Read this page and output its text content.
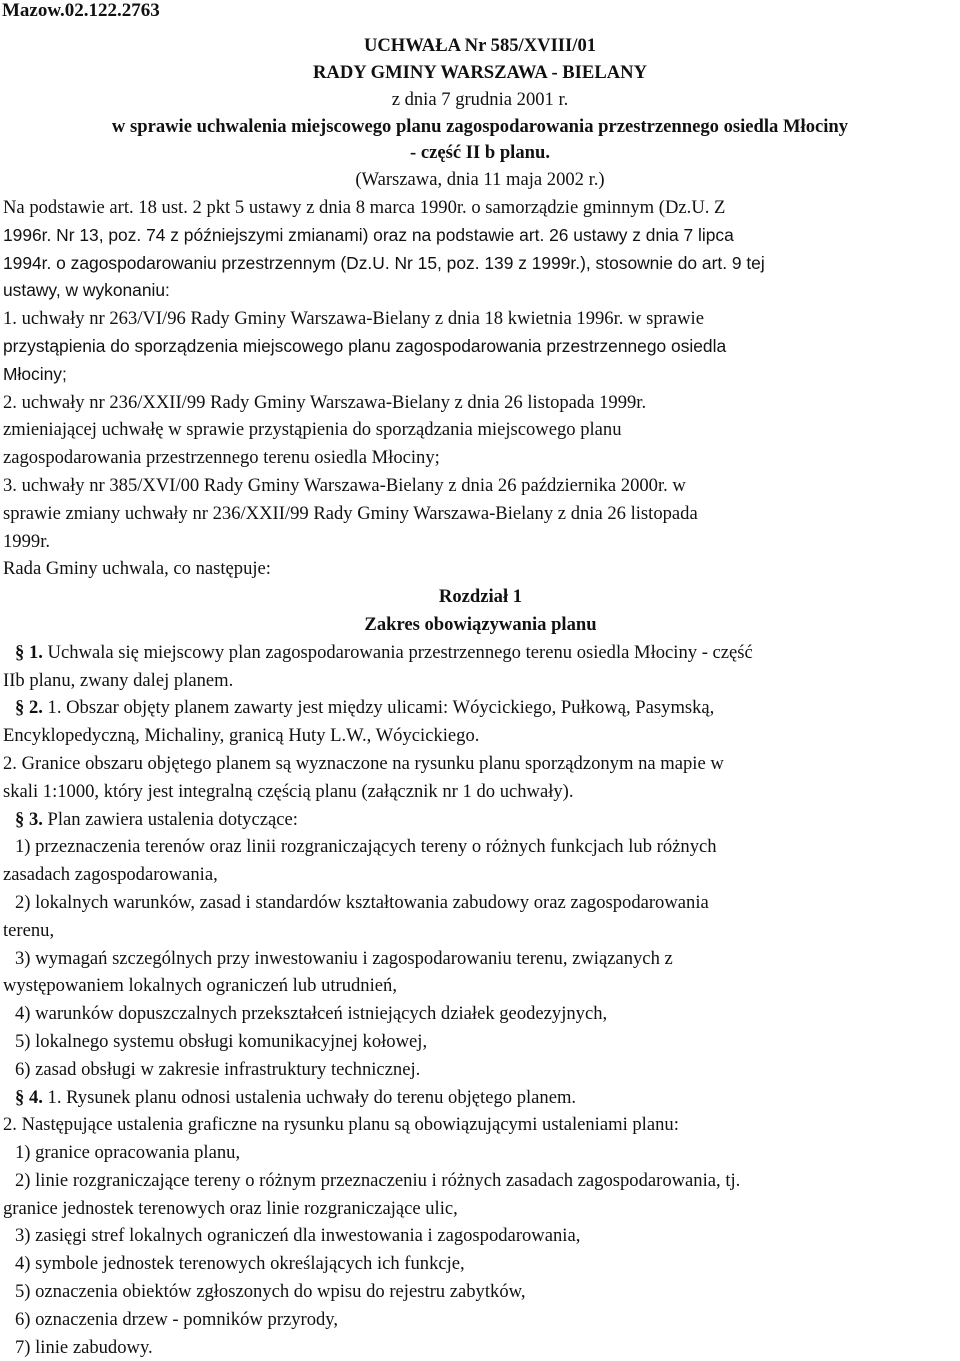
Mazow.02.122.2763
UCHWAŁA Nr 585/XVIII/01
RADY GMINY WARSZAWA - BIELANY
z dnia 7 grudnia 2001 r.
w sprawie uchwalenia miejscowego planu zagospodarowania przestrzennego osiedla Młociny
- część II b planu.
(Warszawa, dnia 11 maja 2002 r.)

Na podstawie art. 18 ust. 2 pkt 5 ustawy z dnia 8 marca 1990r. o samorządzie gminnym (Dz.U. Z

1996r. Nr 13, poz. 74 z późniejszymi zmianami) oraz na podstawie art. 26 ustawy z dnia 7 lipca

1994r. o zagospodarowaniu przestrzennym (Dz.U. Nr 15, poz. 139 z 1999r.), stosownie do art. 9 tej

ustawy, w wykonaniu:

1. uchwały nr 263/VI/96 Rady Gminy Warszawa-Bielany z dnia 18 kwietnia 1996r. w sprawie

przystąpienia do sporządzenia miejscowego planu zagospodarowania przestrzennego osiedla

Młociny;

2. uchwały nr 236/XXII/99 Rady Gminy Warszawa-Bielany z dnia 26 listopada 1999r.

zmieniającej uchwałę w sprawie przystąpienia do sporządzania miejscowego planu

zagospodarowania przestrzennego terenu osiedla Młociny;

3. uchwały nr 385/XVI/00 Rady Gminy Warszawa-Bielany z dnia 26 października 2000r. w

sprawie zmiany uchwały nr 236/XXII/99 Rady Gminy Warszawa-Bielany z dnia 26 listopada

1999r.

Rada Gminy uchwala, co następuje:

Rozdział 1

Zakres obowiązywania planu

§ 1. Uchwala się miejscowy plan zagospodarowania przestrzennego terenu osiedla Młociny - część

IIb planu, zwany dalej planem.

§ 2. 1. Obszar objęty planem zawarty jest między ulicami: Wóycickiego, Pułkową, Pasymską,

Encyklopedyczną, Michaliny, granicą Huty L.W., Wóycickiego.

2. Granice obszaru objętego planem są wyznaczone na rysunku planu sporządzonym na mapie w

skali 1:1000, który jest integralną częścią planu (załącznik nr 1 do uchwały).

§ 3. Plan zawiera ustalenia dotyczące:

1) przeznaczenia terenów oraz linii rozgraniczających tereny o różnych funkcjach lub różnych

zasadach zagospodarowania,

2) lokalnych warunków, zasad i standardów kształtowania zabudowy oraz zagospodarowania

terenu,

3) wymagań szczególnych przy inwestowaniu i zagospodarowaniu terenu, związanych z

występowaniem lokalnych ograniczeń lub utrudnień,

4) warunków dopuszczalnych przekształceń istniejących działek geodezyjnych,

5) lokalnego systemu obsługi komunikacyjnej kołowej,

6) zasad obsługi w zakresie infrastruktury technicznej.

§ 4. 1. Rysunek planu odnosi ustalenia uchwały do terenu objętego planem.

2. Następujące ustalenia graficzne na rysunku planu są obowiązującymi ustaleniami planu:

1) granice opracowania planu,

2) linie rozgraniczające tereny o różnym przeznaczeniu i różnych zasadach zagospodarowania, tj.

granice jednostek terenowych oraz linie rozgraniczające ulic,

3) zasięgi stref lokalnych ograniczeń dla inwestowania i zagospodarowania,

4) symbole jednostek terenowych określających ich funkcje,

5) oznaczenia obiektów zgłoszonych do wpisu do rejestru zabytków,

6) oznaczenia drzew - pomników przyrody,

7) linie zabudowy.
